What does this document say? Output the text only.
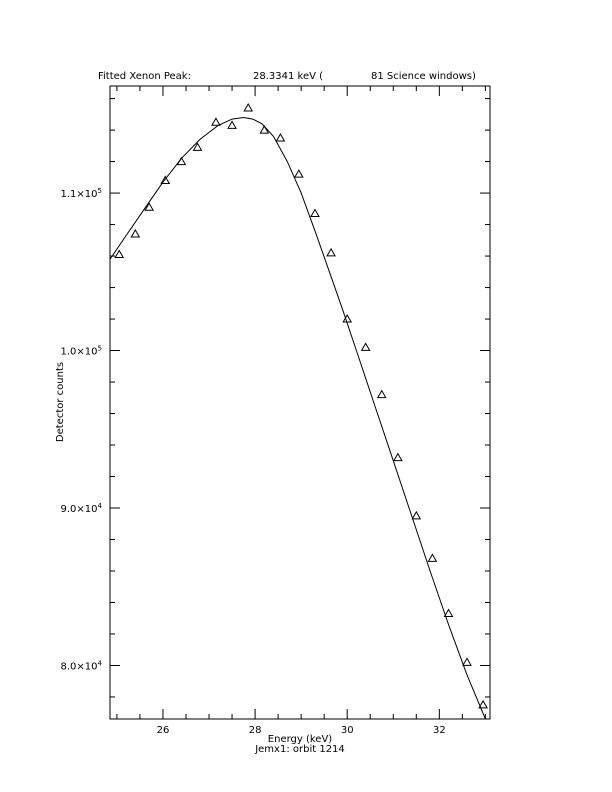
Fitted Xenon Peak:	28.3341 keV (	81 Science windows)
26	28	30	32
$8.0\times 10^4$
$9.0\times 10^4$
$1.0\times 10^5$
$1.1\times 10^5$
Energy (keV)
Jemx1: orbit 1214
Detector counts
